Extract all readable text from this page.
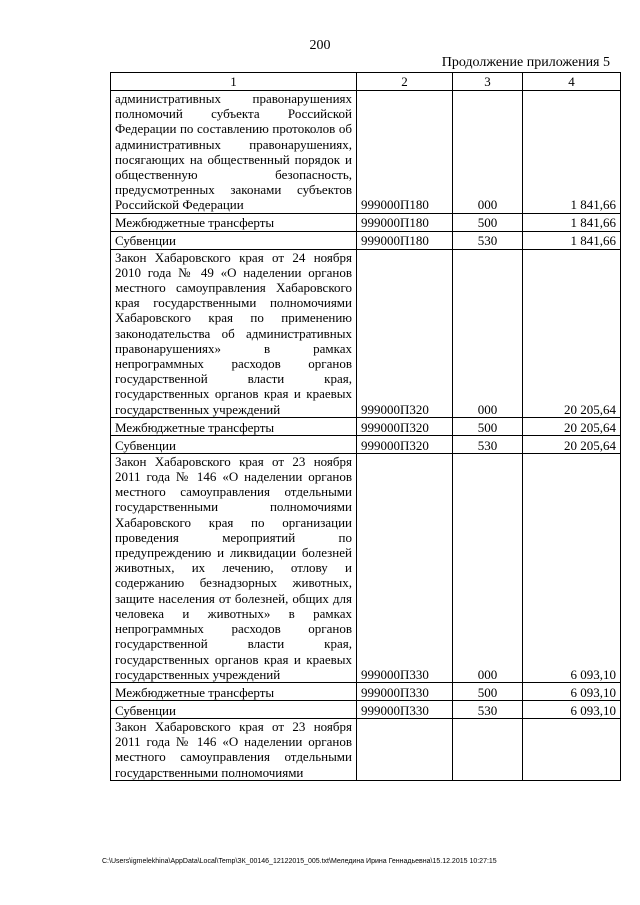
200
Продолжение приложения 5
1	2	3	4
административных правонарушениях полномочий субъекта Российской Федерации по составлению протоколов об административных правонарушениях, посягающих на общественный порядок и общественную безопасность, предусмотренных законами субъектов Российской Федерации	999000П180	000	1 841,66
Межбюджетные трансферты	999000П180	500	1 841,66
Субвенции	999000П180	530	1 841,66
Закон Хабаровского края от 24 ноября 2010 года № 49 «О наделении органов местного самоуправления Хабаровского края государственными полномочиями Хабаровского края по применению законодательства об административных правонарушениях» в рамках непрограммных расходов органов государственной власти края, государственных органов края и краевых государственных учреждений	999000П320	000	20 205,64
Межбюджетные трансферты	999000П320	500	20 205,64
Субвенции	999000П320	530	20 205,64
Закон Хабаровского края от 23 ноября 2011 года № 146 «О наделении органов местного самоуправления отдельными государственными полномочиями Хабаровского края по организации проведения мероприятий по предупреждению и ликвидации болезней животных, их лечению, отлову и содержанию безнадзорных животных, защите населения от болезней, общих для человека и животных» в рамках непрограммных расходов органов государственной власти края, государственных органов края и краевых государственных учреждений	999000П330	000	6 093,10
Межбюджетные трансферты	999000П330	500	6 093,10
Субвенции	999000П330	530	6 093,10
Закон Хабаровского края от 23 ноября 2011 года № 146 «О наделении органов местного самоуправления отдельными государственными полномочиями			
C:\Users\igmelekhina\AppData\Local\Temp\ЗК_00146_12122015_005.txt\Меледина Ирина Геннадьевна\15.12.2015 10:27:15
